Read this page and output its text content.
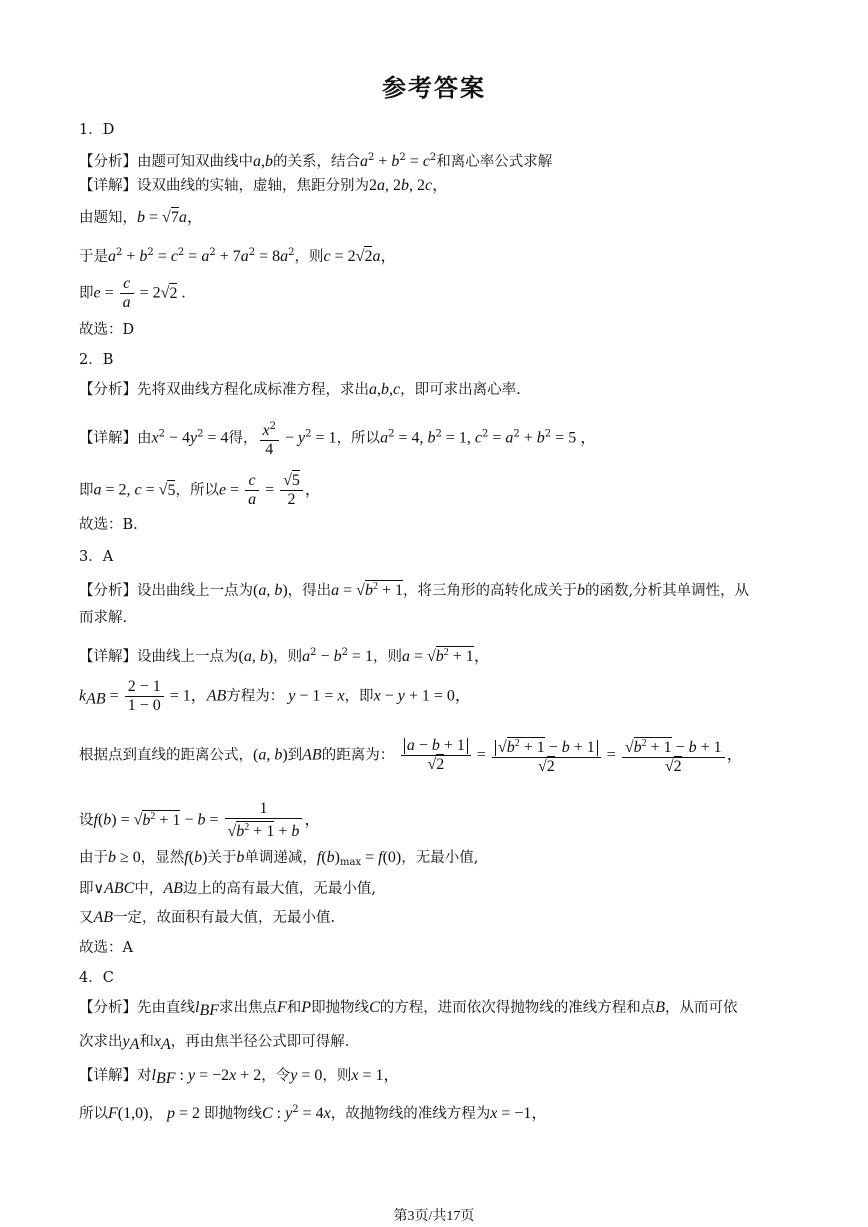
参考答案
1．D
【分析】由题可知双曲线中a,b的关系，结合$a^2 + b^2 = c^2$和离心率公式求解
【详解】设双曲线的实轴，虚轴，焦距分别为2a, 2b, 2c，
由题知，b = √7a，
于是$a^2 + b^2 = c^2 = a^2 + 7a^2 = 8a^2$，则c = 2√2a，
即$e = \frac{c}{a} = 2√2$ .
故选：D
2．B
【分析】先将双曲线方程化成标准方程，求出a,b,c，即可求出离心率.
【详解】由$x^2 - 4y^2 = 4$得， $\frac{x^2}{4} - y^2 = 1$，所以$a^2 = 4$, $b^2 = 1$, $c^2 = a^2 + b^2 = 5$ ，
即a = 2, c = √5，所以$e = \frac{c}{a} = \frac{√5}{2}$ ，
故选：B.
3．A
【分析】设出曲线上一点为(a, b)，得出$a = √b^2 + 1$，将三角形的高转化成关于b的函数,分析其单调性，从
而求解.
【详解】设曲线上一点为(a, b)，则$a^2 - b^2 = 1$，则$a = √b^2 + 1$，
$k_{AB} = \frac{2 - 1}{1 - 0} = 1$，AB方程为： y − 1 = x，即x − y + 1 = 0，
根据点到直线的距离公式，(a, b)到AB的距离为： $\frac{a - b + 1}{√2} = \frac{√b^2 + 1 - b + 1}{√2} = \frac{√b^2 + 1 - b + 1}{√2}$ ，
设$f(b) = √b^2 + 1 - b = \frac{1}{√b^2 + 1 + b}$ ，
由于b ≥ 0，显然f(b)关于b单调递减，$f(b)_{max} = f(0)$，无最小值,
即∨ABC中，AB边上的高有最大值，无最小值,
又AB一定，故面积有最大值，无最小值.
故选：A
4．C
【分析】先由直线$l_{BF}$求出焦点F和P即抛物线C的方程，进而依次得抛物线的准线方程和点B，从而可依
次求出$y_A$和$x_A$，再由焦半径公式即可得解.
【详解】对$l_{BF}$ : y = −2x + 2，令y = 0，则x = 1，
所以F(1,0)， p = 2 即抛物线C : $y^2 = 4x$，故抛物线的准线方程为x = −1，
第3页/共17页
